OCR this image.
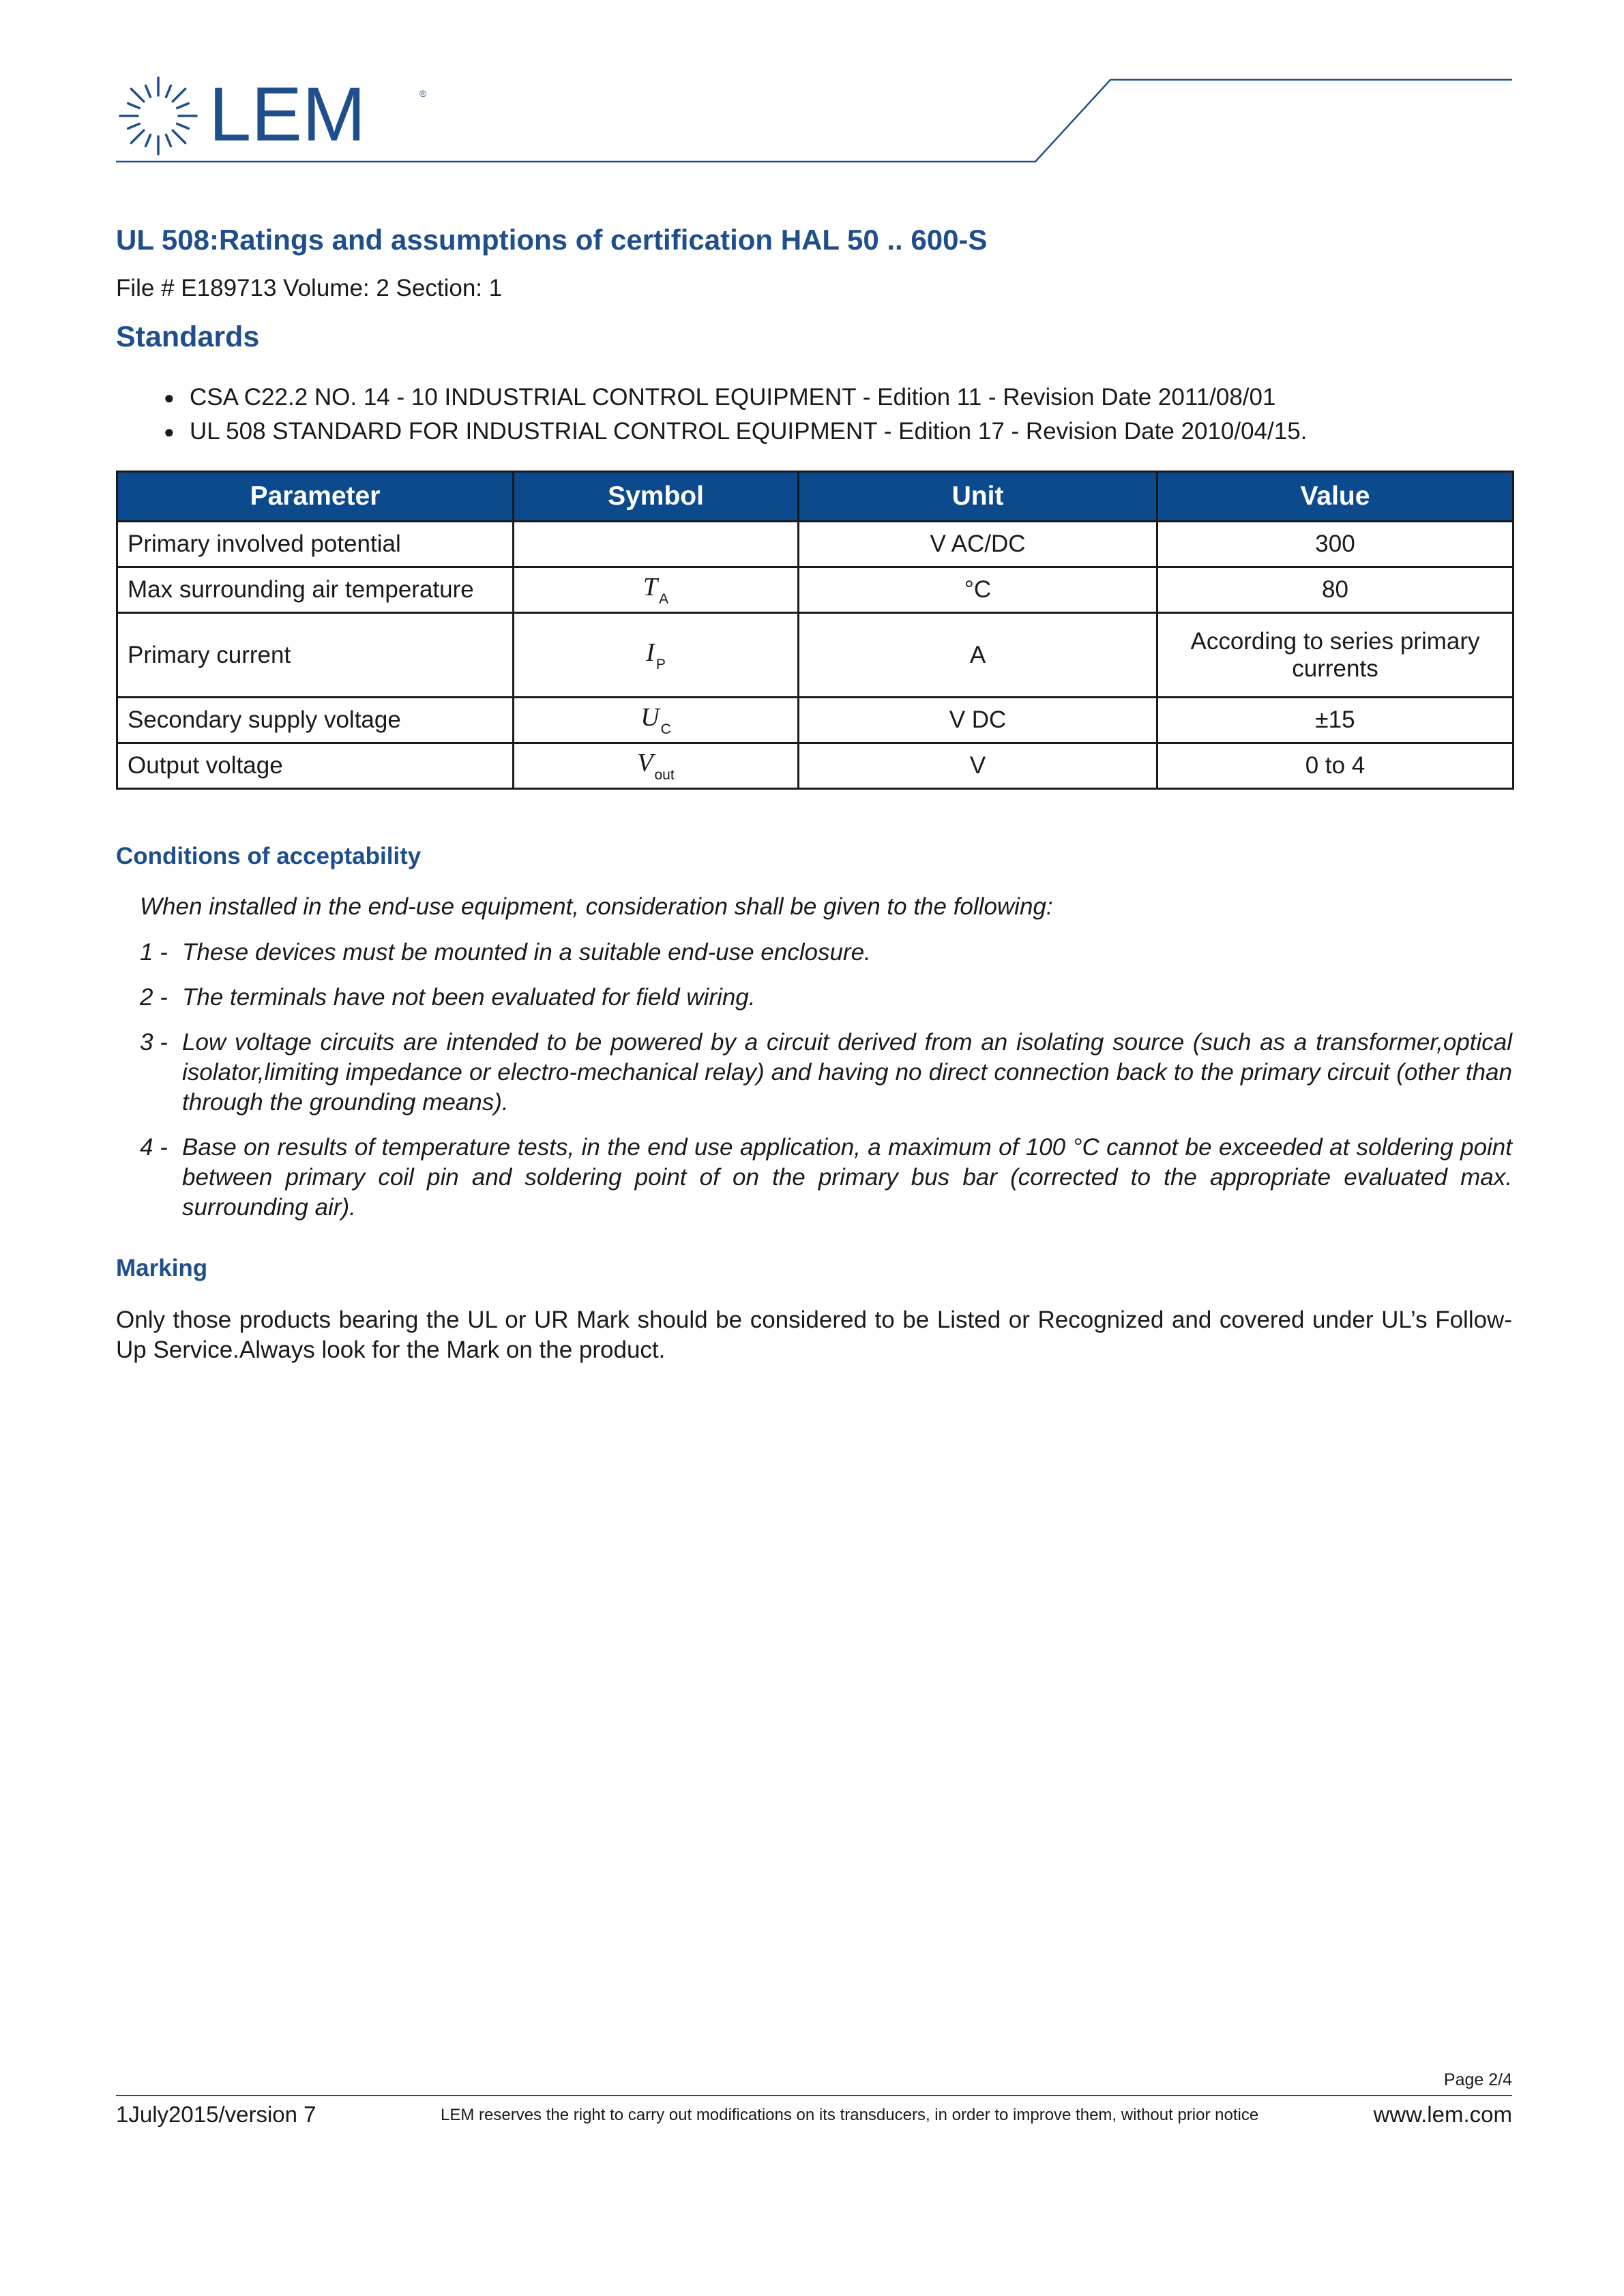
LEM	®
UL 508:Ratings and assumptions of certification HAL 50 .. 600-S
File # E189713 Volume: 2 Section: 1
Standards
● CSA C22.2 NO. 14 - 10 INDUSTRIAL CONTROL EQUIPMENT - Edition 11 - Revision Date 2011/08/01
● UL 508 STANDARD FOR INDUSTRIAL CONTROL EQUIPMENT - Edition 17 - Revision Date 2010/04/15.
Parameter	Symbol	Unit	Value
Primary involved potential		V AC/DC	300
Max surrounding air temperature	$T_A$	°C	80
Primary current	$I_P$	A	According to series primary currents
Secondary supply voltage	$U_C$	V DC	±15
Output voltage	$V_{out}$	V	0 to 4
Conditions of acceptability
When installed in the end-use equipment, consideration shall be given to the following:
1 - These devices must be mounted in a suitable end-use enclosure.
2 - The terminals have not been evaluated for field wiring.
3 - Low voltage circuits are intended to be powered by a circuit derived from an isolating source (such as a transformer,optical isolator,limiting impedance or electro-mechanical relay) and having no direct connection back to the primary circuit (other than through the grounding means).
4 - Base on results of temperature tests, in the end use application, a maximum of 100 °C cannot be exceeded at soldering point between primary coil pin and soldering point of on the primary bus bar (corrected to the appropriate evaluated max. surrounding air).
Marking
Only those products bearing the UL or UR Mark should be considered to be Listed or Recognized and covered under UL’s Follow-Up Service.Always look for the Mark on the product.
Page 2/4
1July2015/version 7	LEM reserves the right to carry out modifications on its transducers, in order to improve them, without prior notice	www.lem.com
